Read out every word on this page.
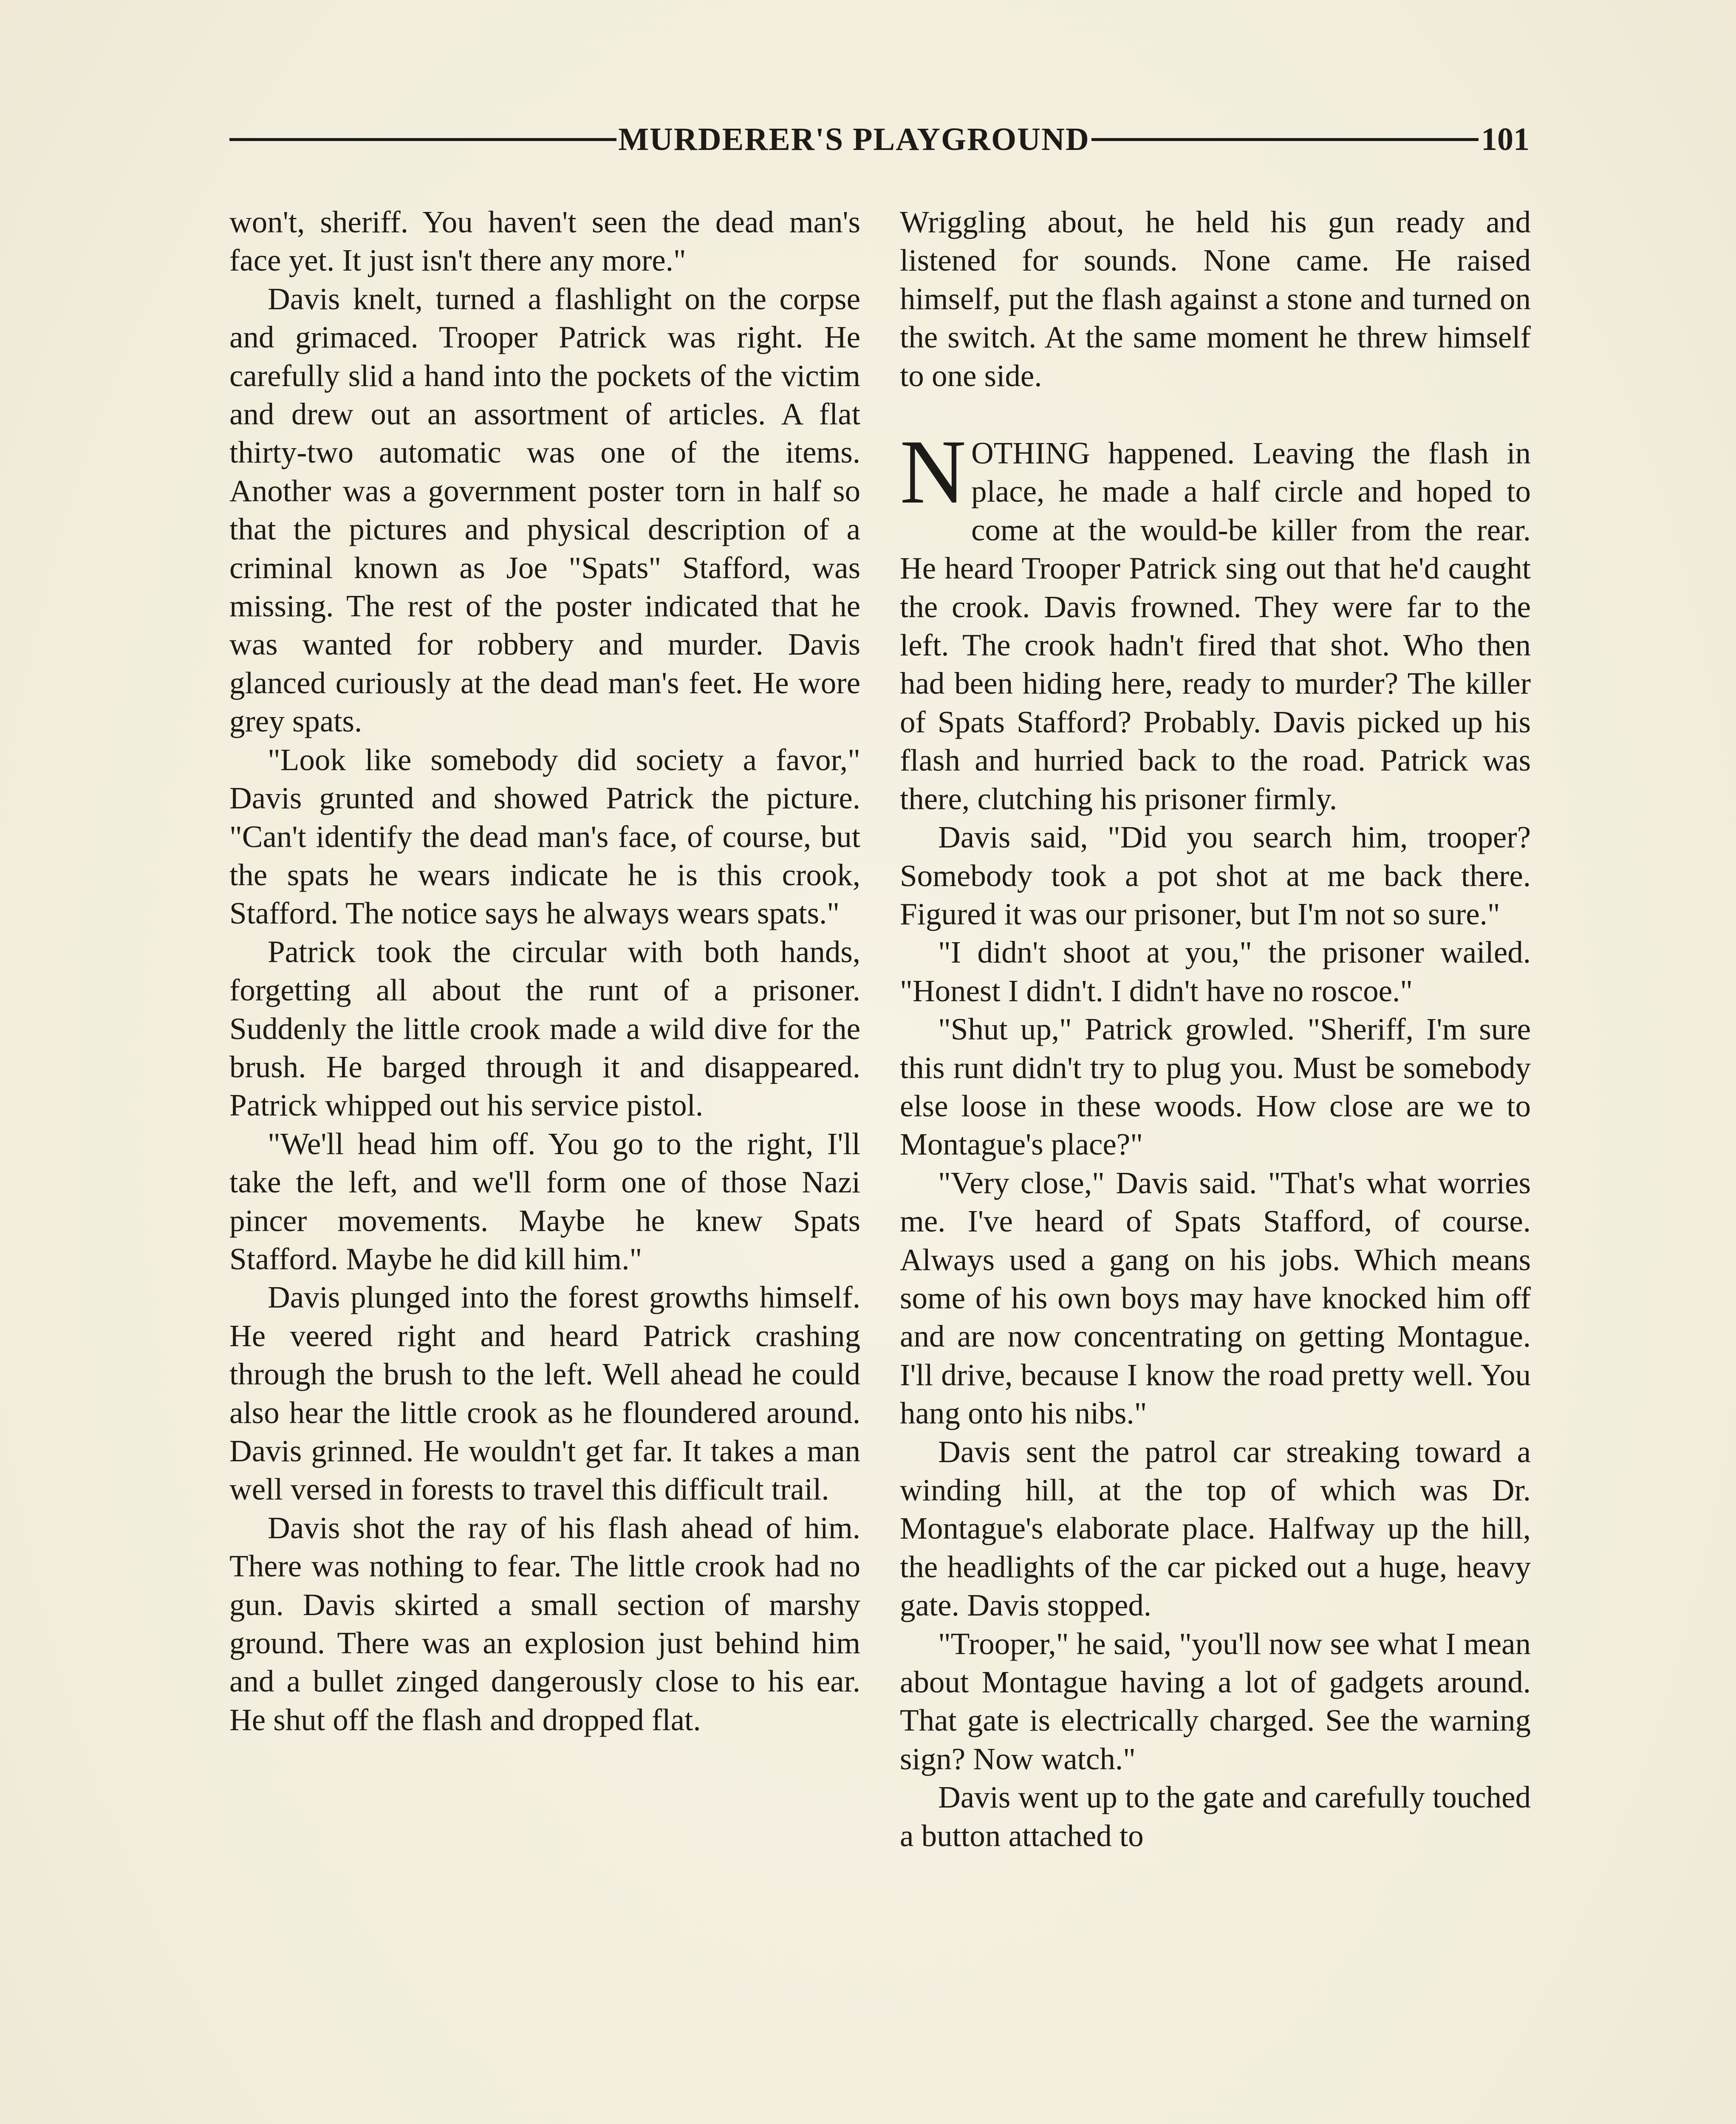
MURDERER'S PLAYGROUND	101

won't, sheriff. You haven't seen the dead man's face yet. It just isn't there any more."

Davis knelt, turned a flashlight on the corpse and grimaced. Trooper Patrick was right. He carefully slid a hand into the pockets of the victim and drew out an assortment of articles. A flat thirty-two automatic was one of the items. Another was a government poster torn in half so that the pictures and physical description of a criminal known as Joe "Spats" Stafford, was missing. The rest of the poster indicated that he was wanted for robbery and murder. Davis glanced curiously at the dead man's feet. He wore grey spats.

"Look like somebody did society a favor," Davis grunted and showed Patrick the picture. "Can't identify the dead man's face, of course, but the spats he wears indicate he is this crook, Stafford. The notice says he always wears spats."

Patrick took the circular with both hands, forgetting all about the runt of a prisoner. Suddenly the little crook made a wild dive for the brush. He barged through it and disappeared. Patrick whipped out his service pistol.

"We'll head him off. You go to the right, I'll take the left, and we'll form one of those Nazi pincer movements. Maybe he knew Spats Stafford. Maybe he did kill him."

Davis plunged into the forest growths himself. He veered right and heard Patrick crashing through the brush to the left. Well ahead he could also hear the little crook as he floundered around. Davis grinned. He wouldn't get far. It takes a man well versed in forests to travel this difficult trail.

Davis shot the ray of his flash ahead of him. There was nothing to fear. The little crook had no gun. Davis skirted a small section of marshy ground. There was an explosion just behind him and a bullet zinged dangerously close to his ear. He shut off the flash and dropped flat.

Wriggling about, he held his gun ready and listened for sounds. None came. He raised himself, put the flash against a stone and turned on the switch. At the same moment he threw himself to one side.

NOTHING happened. Leaving the flash in place, he made a half circle and hoped to come at the would-be killer from the rear. He heard Trooper Patrick sing out that he'd caught the crook. Davis frowned. They were far to the left. The crook hadn't fired that shot. Who then had been hiding here, ready to murder? The killer of Spats Stafford? Probably. Davis picked up his flash and hurried back to the road. Patrick was there, clutching his prisoner firmly.

Davis said, "Did you search him, trooper? Somebody took a pot shot at me back there. Figured it was our prisoner, but I'm not so sure."

"I didn't shoot at you," the prisoner wailed. "Honest I didn't. I didn't have no roscoe."

"Shut up," Patrick growled. "Sheriff, I'm sure this runt didn't try to plug you. Must be somebody else loose in these woods. How close are we to Montague's place?"

"Very close," Davis said. "That's what worries me. I've heard of Spats Stafford, of course. Always used a gang on his jobs. Which means some of his own boys may have knocked him off and are now concentrating on getting Montague. I'll drive, because I know the road pretty well. You hang onto his nibs."

Davis sent the patrol car streaking toward a winding hill, at the top of which was Dr. Montague's elaborate place. Halfway up the hill, the headlights of the car picked out a huge, heavy gate. Davis stopped.

"Trooper," he said, "you'll now see what I mean about Montague having a lot of gadgets around. That gate is electrically charged. See the warning sign? Now watch."

Davis went up to the gate and carefully touched a button attached to
